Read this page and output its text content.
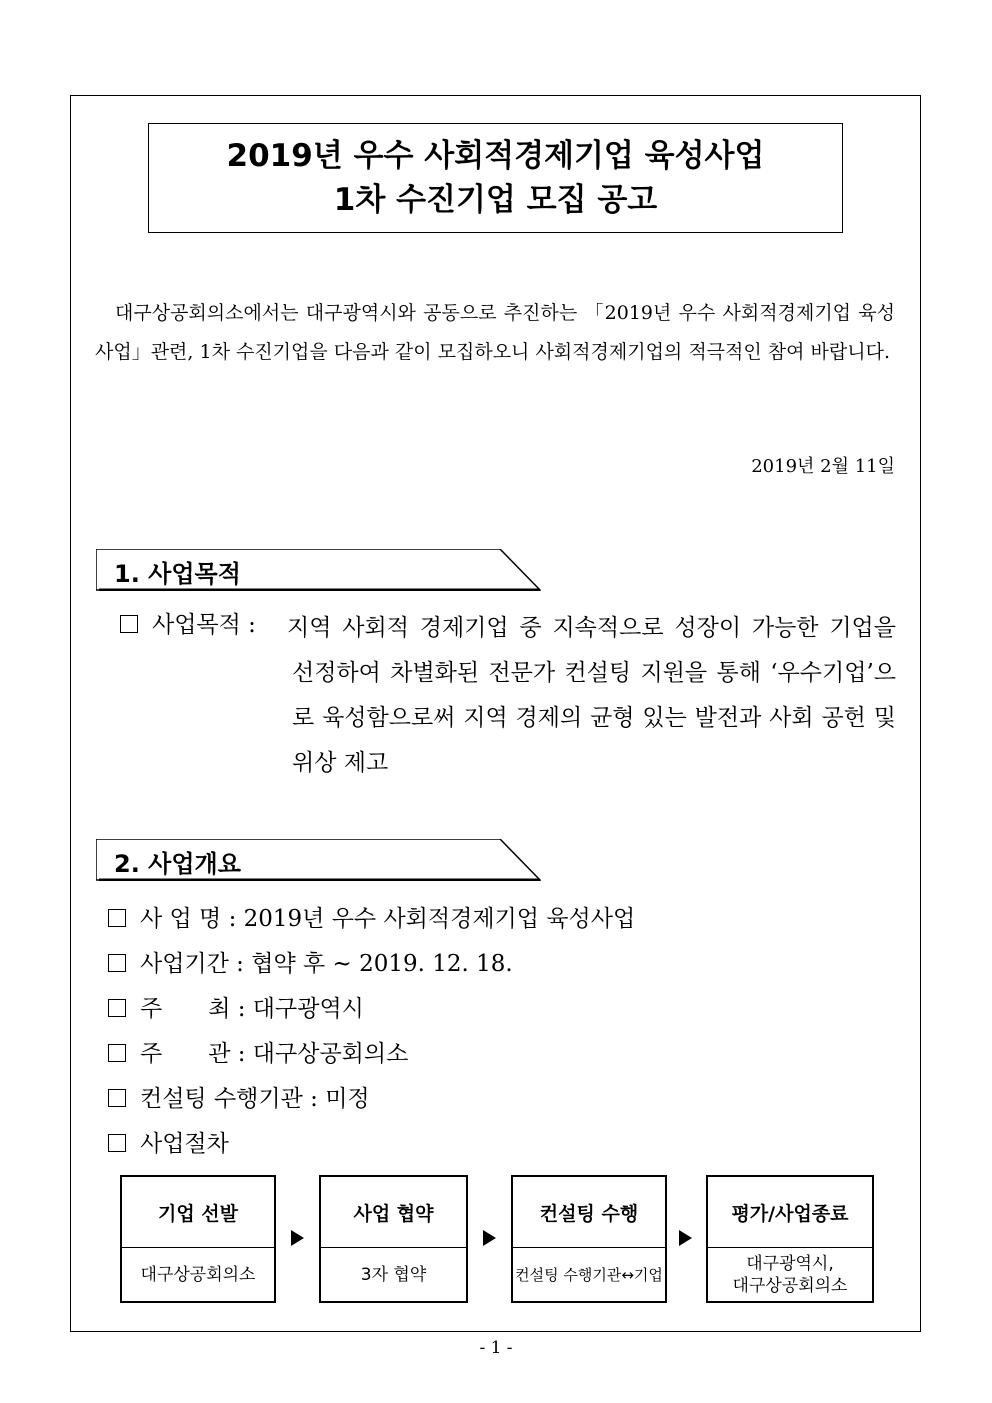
2019년 우수 사회적경제기업 육성사업
1차 수진기업 모집 공고
대구상공회의소에서는 대구광역시와 공동으로 추진하는 「2019년 우수 사회적경제기업 육성사업」관련, 1차 수진기업을 다음과 같이 모집하오니 사회적경제기업의 적극적인 참여 바랍니다.
2019년 2월 11일
1. 사업목적
사업목적 : 지역 사회적 경제기업 중 지속적으로 성장이 가능한 기업을 선정하여 차별화된 전문가 컨설팅 지원을 통해 ‘우수기업’으로 육성함으로써 지역 경제의 균형 있는 발전과 사회 공헌 및 위상 제고
2. 사업개요
사 업 명 : 2019년 우수 사회적경제기업 육성사업
사업기간 : 협약 후 ~ 2019. 12. 18.
주　　최 : 대구광역시
주　　관 : 대구상공회의소
컨설팅 수행기관 : 미정
사업절차
기업 선발
대구상공회의소
사업 협약
3자 협약
컨설팅 수행
컨설팅 수행기관↔기업
평가/사업종료
대구광역시,
대구상공회의소
- 1 -
